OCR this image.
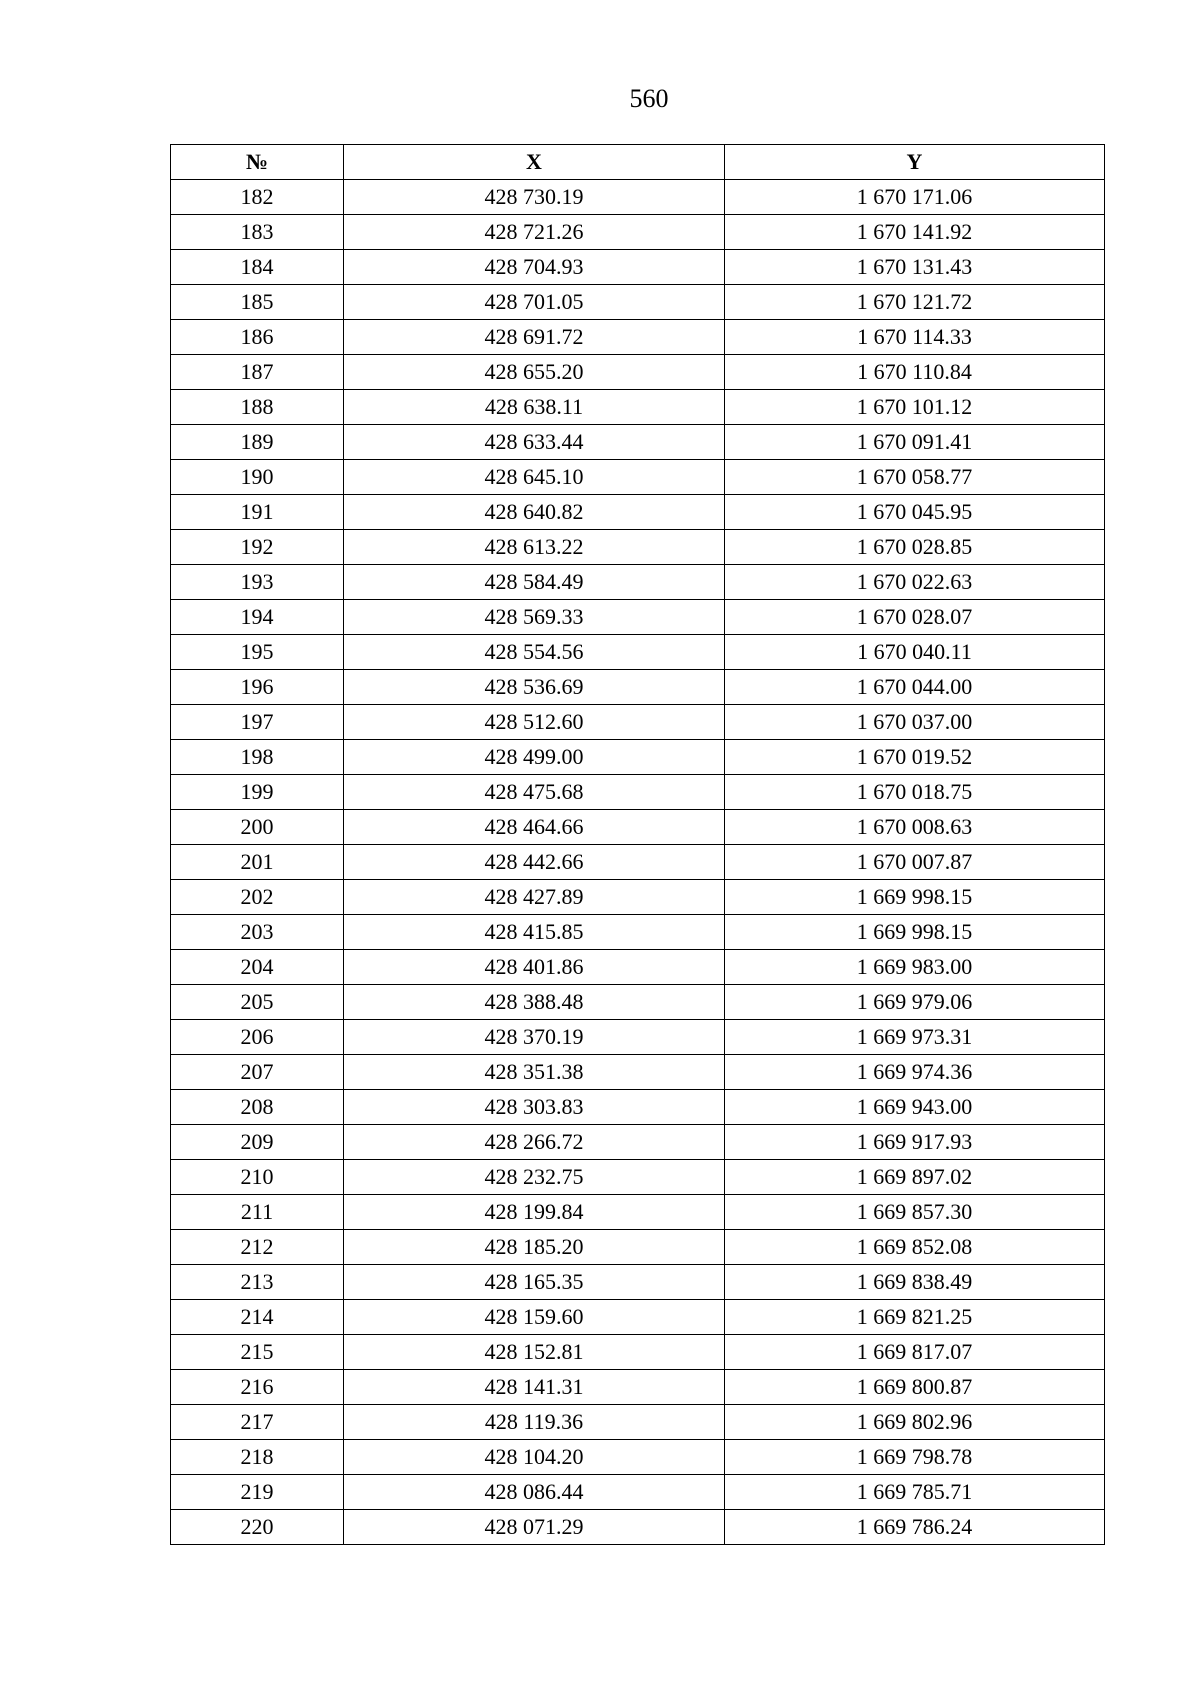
560
№	X	Y
182	428 730.19	1 670 171.06
183	428 721.26	1 670 141.92
184	428 704.93	1 670 131.43
185	428 701.05	1 670 121.72
186	428 691.72	1 670 114.33
187	428 655.20	1 670 110.84
188	428 638.11	1 670 101.12
189	428 633.44	1 670 091.41
190	428 645.10	1 670 058.77
191	428 640.82	1 670 045.95
192	428 613.22	1 670 028.85
193	428 584.49	1 670 022.63
194	428 569.33	1 670 028.07
195	428 554.56	1 670 040.11
196	428 536.69	1 670 044.00
197	428 512.60	1 670 037.00
198	428 499.00	1 670 019.52
199	428 475.68	1 670 018.75
200	428 464.66	1 670 008.63
201	428 442.66	1 670 007.87
202	428 427.89	1 669 998.15
203	428 415.85	1 669 998.15
204	428 401.86	1 669 983.00
205	428 388.48	1 669 979.06
206	428 370.19	1 669 973.31
207	428 351.38	1 669 974.36
208	428 303.83	1 669 943.00
209	428 266.72	1 669 917.93
210	428 232.75	1 669 897.02
211	428 199.84	1 669 857.30
212	428 185.20	1 669 852.08
213	428 165.35	1 669 838.49
214	428 159.60	1 669 821.25
215	428 152.81	1 669 817.07
216	428 141.31	1 669 800.87
217	428 119.36	1 669 802.96
218	428 104.20	1 669 798.78
219	428 086.44	1 669 785.71
220	428 071.29	1 669 786.24
